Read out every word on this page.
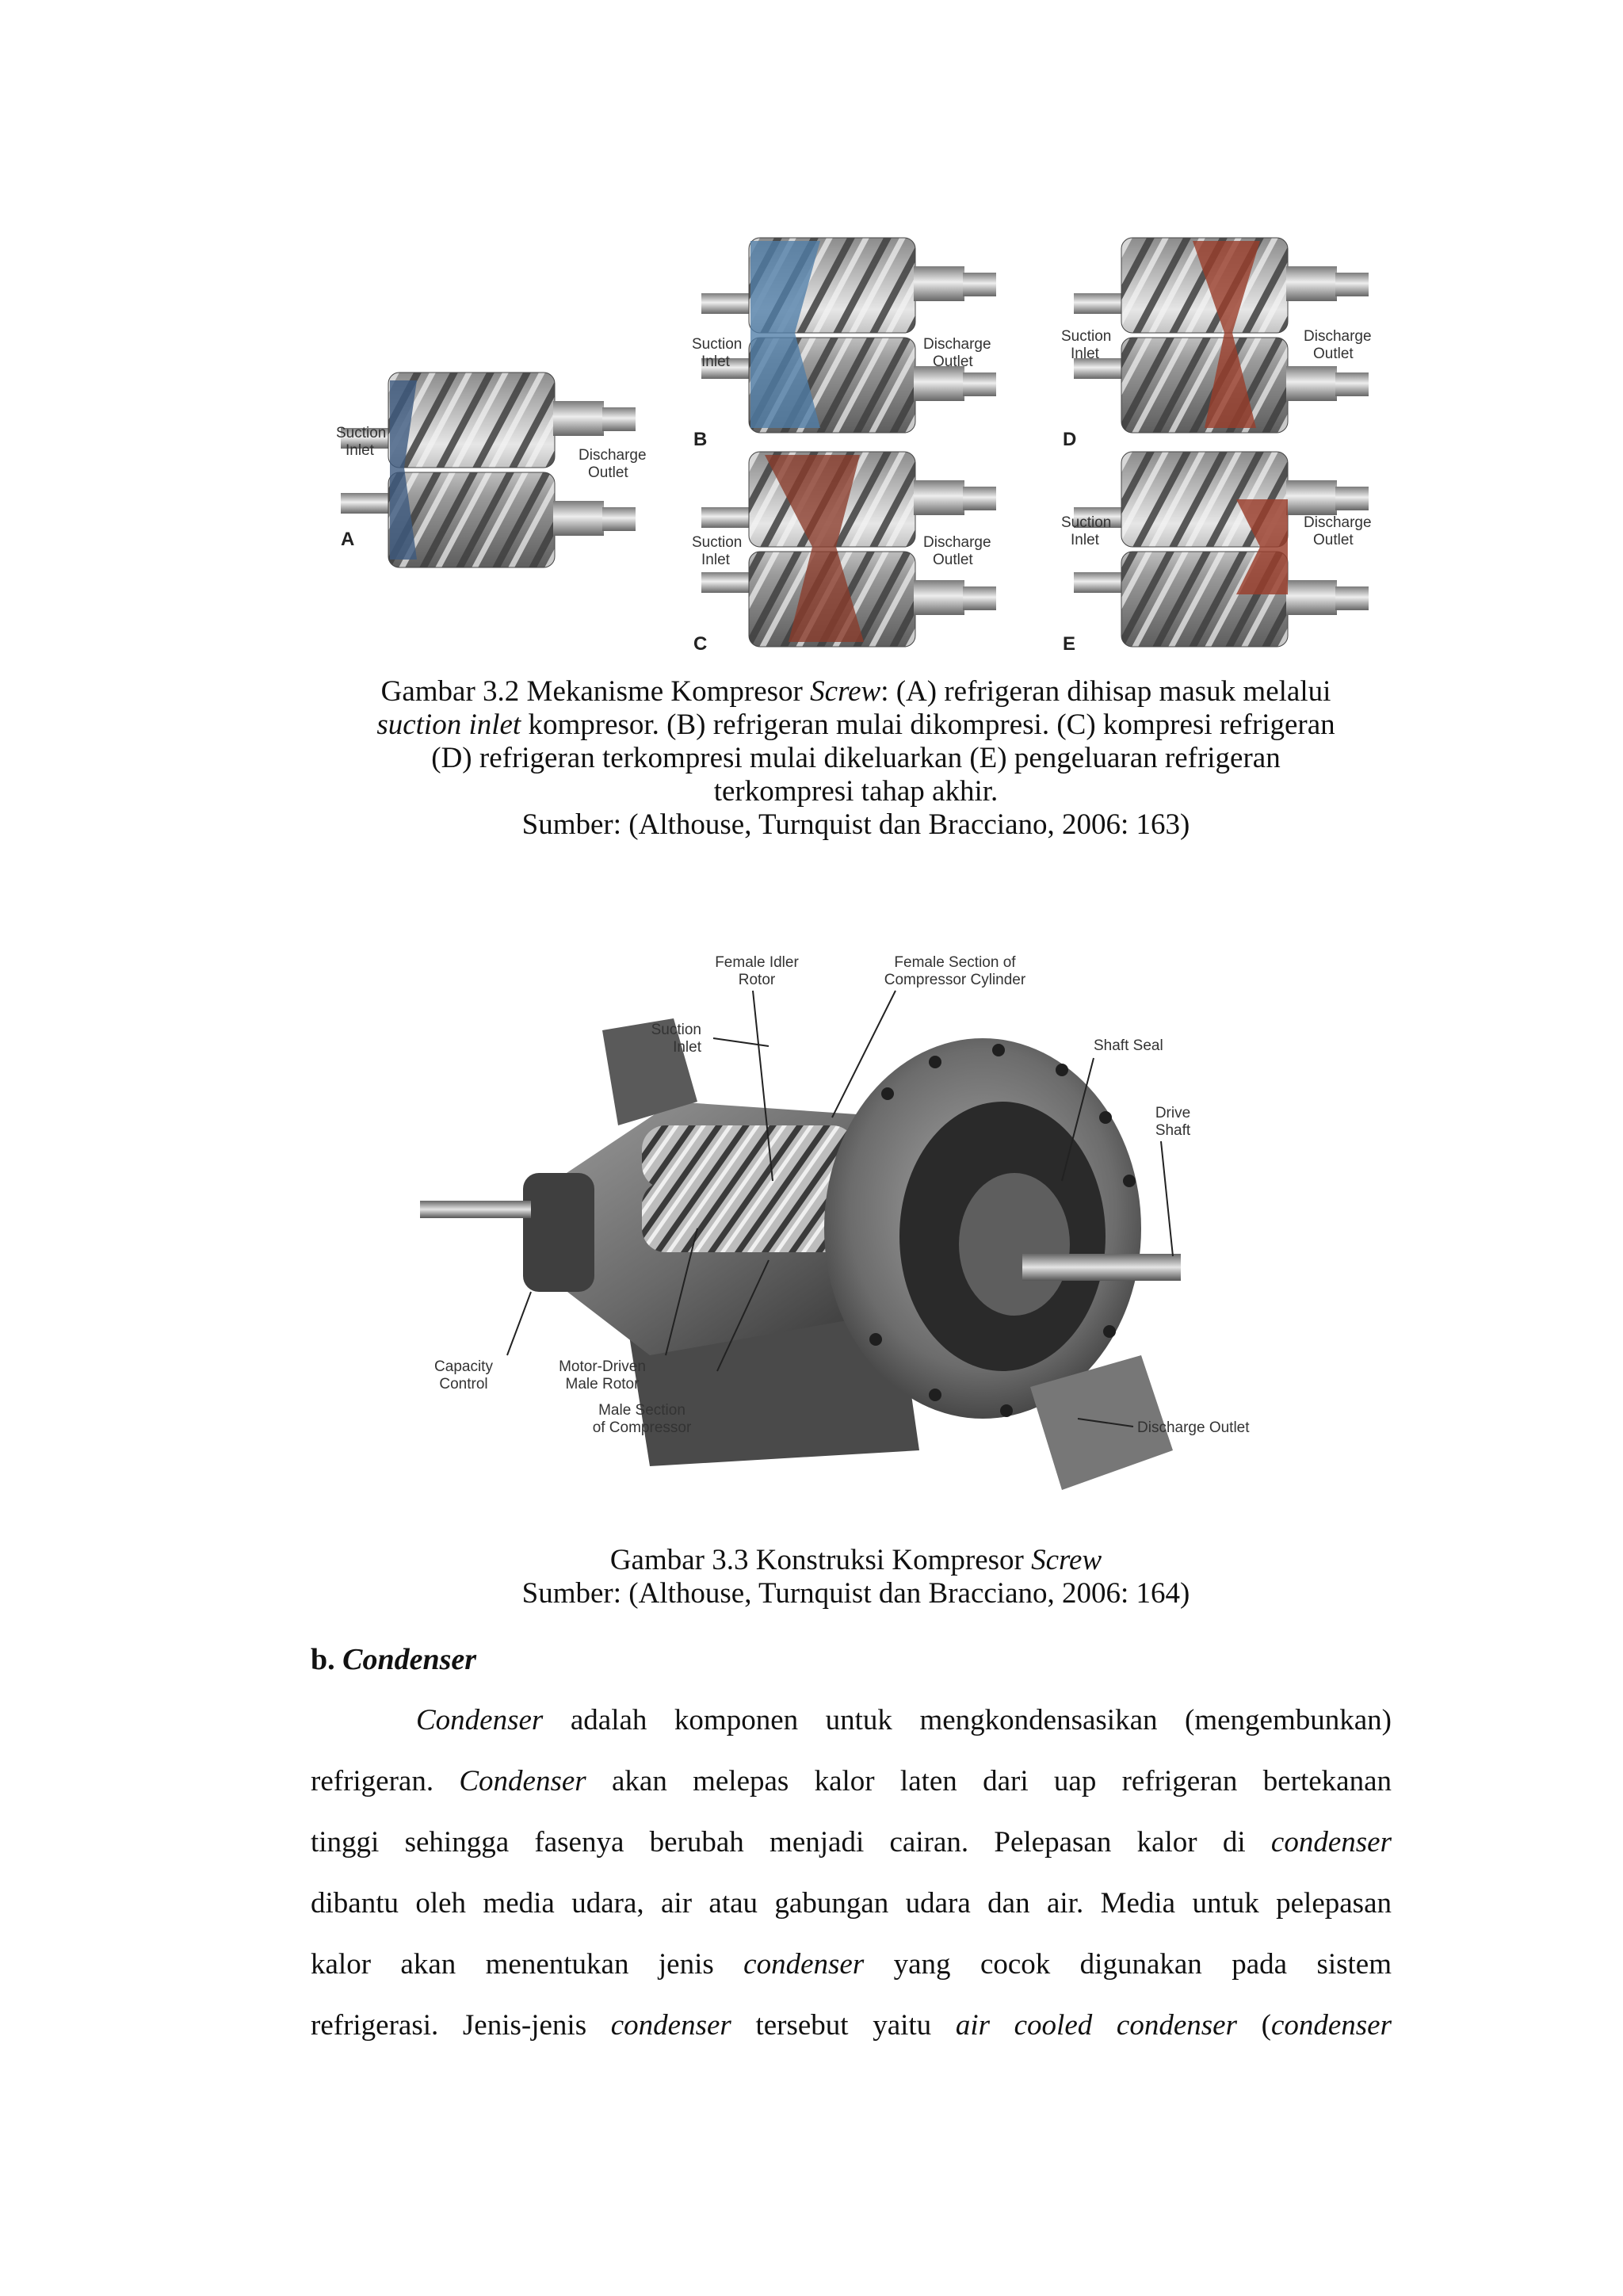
Suction Inlet	Discharge Outlet
A
Suction Inlet
Discharge Outlet
B
Suction Inlet
Discharge Outlet
C
Suction Inlet
Discharge Outlet
D
Suction Inlet
Discharge Outlet
E
Gambar 3.2 Mekanisme Kompresor Screw: (A) refrigeran dihisap masuk melalui
suction inlet kompresor. (B) refrigeran mulai dikompresi. (C) kompresi refrigeran
(D) refrigeran terkompresi mulai dikeluarkan (E) pengeluaran refrigeran
terkompresi tahap akhir.
Sumber: (Althouse, Turnquist dan Bracciano, 2006: 163)
Female Idler Rotor
Female Section of Compressor Cylinder
Suction Inlet	Shaft Seal
Drive Shaft
Capacity Control
Motor-Driven Male Rotor
Male Section of Compressor	Discharge Outlet
Gambar 3.3 Konstruksi Kompresor Screw
Sumber: (Althouse, Turnquist dan Bracciano, 2006: 164)
b. Condenser
Condenser adalah komponen untuk mengkondensasikan (mengembunkan)
refrigeran. Condenser akan melepas kalor laten dari uap refrigeran bertekanan
tinggi sehingga fasenya berubah menjadi cairan. Pelepasan kalor di condenser
dibantu oleh media udara, air atau gabungan udara dan air. Media untuk pelepasan
kalor akan menentukan jenis condenser yang cocok digunakan pada sistem
refrigerasi. Jenis-jenis condenser tersebut yaitu air cooled condenser (condenser
